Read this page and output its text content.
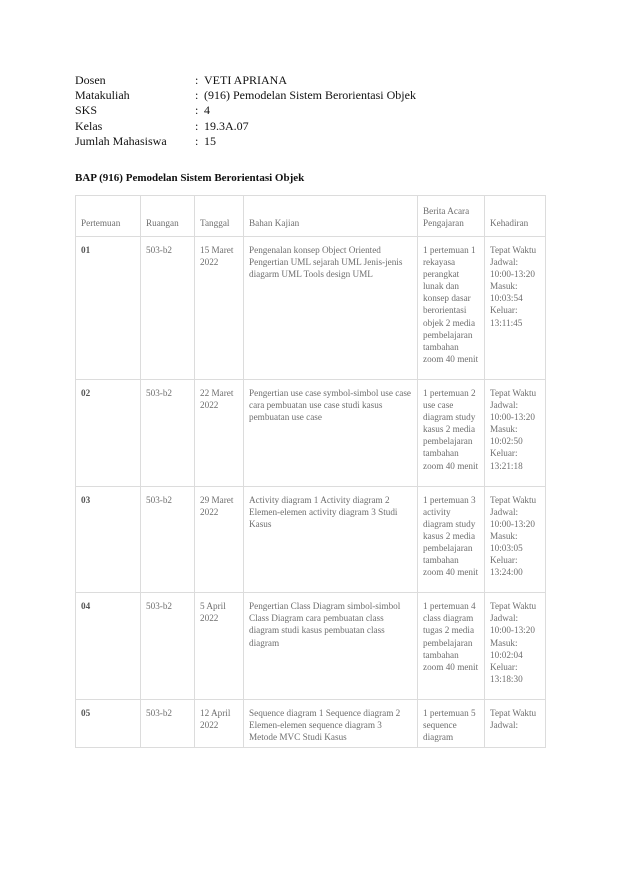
Dosen	: VETI APRIANA
Matakuliah	: (916) Pemodelan Sistem Berorientasi Objek
SKS	: 4
Kelas	: 19.3A.07
Jumlah Mahasiswa	: 15
BAP (916) Pemodelan Sistem Berorientasi Objek
Pertemuan	Ruangan	Tanggal	Bahan Kajian	Berita Acara Pengajaran	Kehadiran
01	503-b2	15 Maret 2022	Pengenalan konsep Object Oriented Pengertian UML sejarah UML Jenis-jenis diagarm UML Tools design UML	1 pertemuan 1 rekayasa perangkat lunak dan konsep dasar berorientasi objek 2 media pembelajaran tambahan zoom 40 menit	Tepat Waktu Jadwal: 10:00-13:20 Masuk: 10:03:54 Keluar: 13:11:45
02	503-b2	22 Maret 2022	Pengertian use case symbol-simbol use case cara pembuatan use case studi kasus pembuatan use case	1 pertemuan 2 use case diagram study kasus 2 media pembelajaran tambahan zoom 40 menit	Tepat Waktu Jadwal: 10:00-13:20 Masuk: 10:02:50 Keluar: 13:21:18
03	503-b2	29 Maret 2022	Activity diagram 1 Activity diagram 2 Elemen-elemen activity diagram 3 Studi Kasus	1 pertemuan 3 activity diagram study kasus 2 media pembelajaran tambahan zoom 40 menit	Tepat Waktu Jadwal: 10:00-13:20 Masuk: 10:03:05 Keluar: 13:24:00
04	503-b2	5 April 2022	Pengertian Class Diagram simbol-simbol Class Diagram cara pembuatan class diagram studi kasus pembuatan class diagram	1 pertemuan 4 class diagram tugas 2 media pembelajaran tambahan zoom 40 menit	Tepat Waktu Jadwal: 10:00-13:20 Masuk: 10:02:04 Keluar: 13:18:30
05	503-b2	12 April 2022	Sequence diagram 1 Sequence diagram 2 Elemen-elemen sequence diagram 3 Metode MVC Studi Kasus	1 pertemuan 5 sequence diagram	Tepat Waktu Jadwal:
